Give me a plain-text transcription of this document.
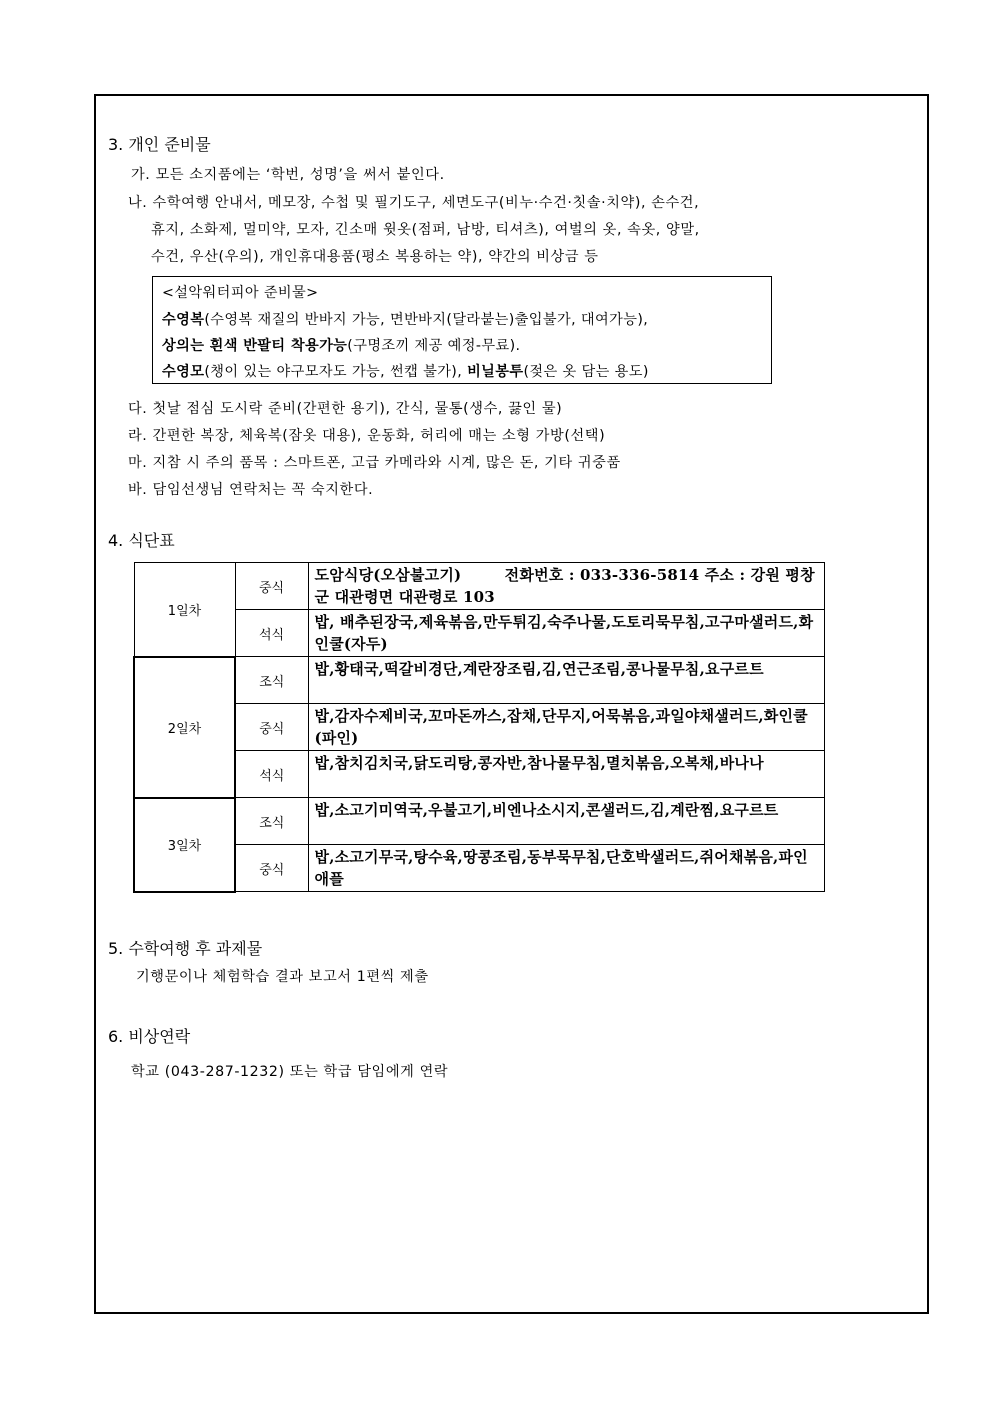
3. 개인 준비물
가. 모든 소지품에는 ‘학번, 성명’을 써서 붙인다.
나. 수학여행 안내서, 메모장, 수첩 및 필기도구, 세면도구(비누·수건·칫솔·치약), 손수건,
휴지, 소화제, 멀미약, 모자, 긴소매 윗옷(점퍼, 남방, 티셔츠), 여벌의 옷, 속옷, 양말,
수건, 우산(우의), 개인휴대용품(평소 복용하는 약), 약간의 비상금 등
<설악워터피아 준비물>
수영복(수영복 재질의 반바지 가능, 면반바지(달라붙는)출입불가, 대여가능),
상의는 흰색 반팔티 착용가능(구명조끼 제공 예정-무료).
수영모(챙이 있는 야구모자도 가능, 썬캡 불가), 비닐봉투(젖은 옷 담는 용도)
다. 첫날 점심 도시락 준비(간편한 용기), 간식, 물통(생수, 끓인 물)
라. 간편한 복장, 체육복(잠옷 대용), 운동화, 허리에 매는 소형 가방(선택)
마. 지참 시 주의 품목 : 스마트폰, 고급 카메라와 시계, 많은 돈, 기타 귀중품
바. 담임선생님 연락처는 꼭 숙지한다.
4. 식단표
1일차	중식	도암식당(오삼불고기)        전화번호 : 033-336-5814 주소 : 강원 평창군 대관령면 대관령로 103
	석식	밥, 배추된장국,제육볶음,만두튀김,숙주나물,도토리묵무침,고구마샐러드,화인쿨(자두)
2일차	조식	밥,황태국,떡갈비경단,계란장조림,김,연근조림,콩나물무침,요구르트
	중식	밥,감자수제비국,꼬마돈까스,잡채,단무지,어묵볶음,과일야채샐러드,화인쿨(파인)
	석식	밥,참치김치국,닭도리탕,콩자반,참나물무침,멸치볶음,오복채,바나나
3일차	조식	밥,소고기미역국,우불고기,비엔나소시지,콘샐러드,김,계란찜,요구르트
	중식	밥,소고기무국,탕수육,땅콩조림,동부묵무침,단호박샐러드,쥐어채볶음,파인애플
5. 수학여행 후 과제물
기행문이나 체험학습 결과 보고서 1편씩 제출
6. 비상연락
학교 (043-287-1232) 또는 학급 담임에게 연락
